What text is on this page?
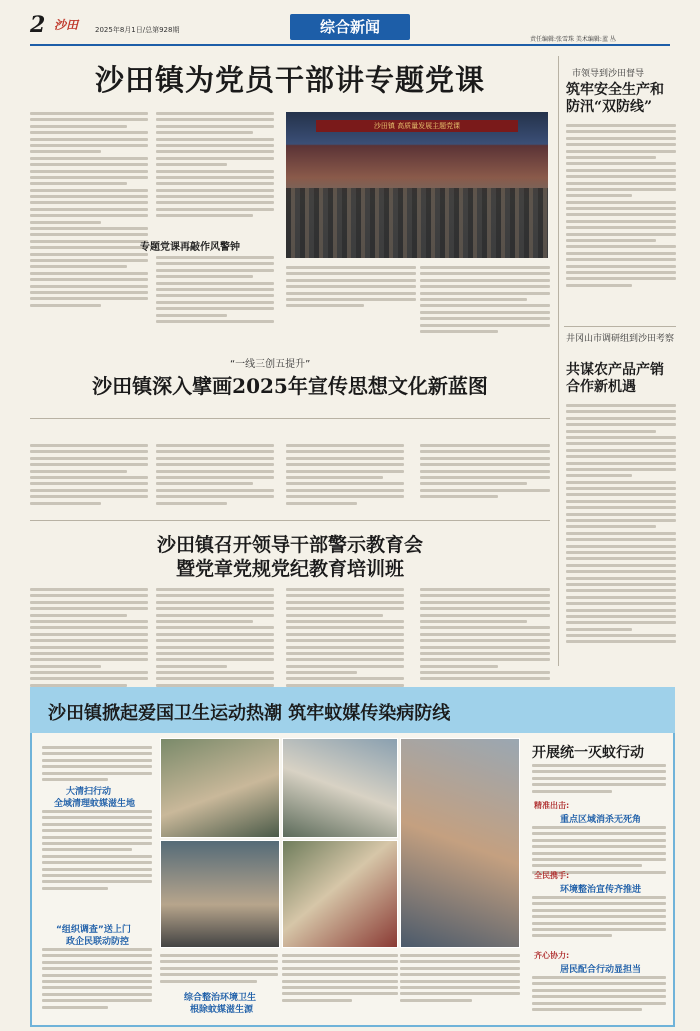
2 沙田 2025年8月1日/总第928期	综合新闻
责任编辑:张雪珠 美术编辑:蓝 丛
沙田镇为党员干部讲专题党课
专题党课再敲作风警钟
沙田镇 高质量发展主题党课
市领导到沙田督导
筑牢安全生产和防汛“双防线”
井冈山市调研组到沙田考察
共谋农产品产销合作新机遇
“一线三创五提升”
沙田镇深入擘画2025年宣传思想文化新蓝图
沙田镇召开领导干部警示教育会
暨党章党规党纪教育培训班
沙田镇掀起爱国卫生运动热潮 筑牢蚊媒传染病防线
开展统一灭蚊行动
大清扫行动
全域清理蚊媒滋生地
“组织调查”送上门
政企民联动防控
综合整治环境卫生
根除蚊媒滋生源
精准出击:
重点区域消杀无死角
全民携手:
环境整治宣传齐推进
齐心协力:
居民配合行动显担当
